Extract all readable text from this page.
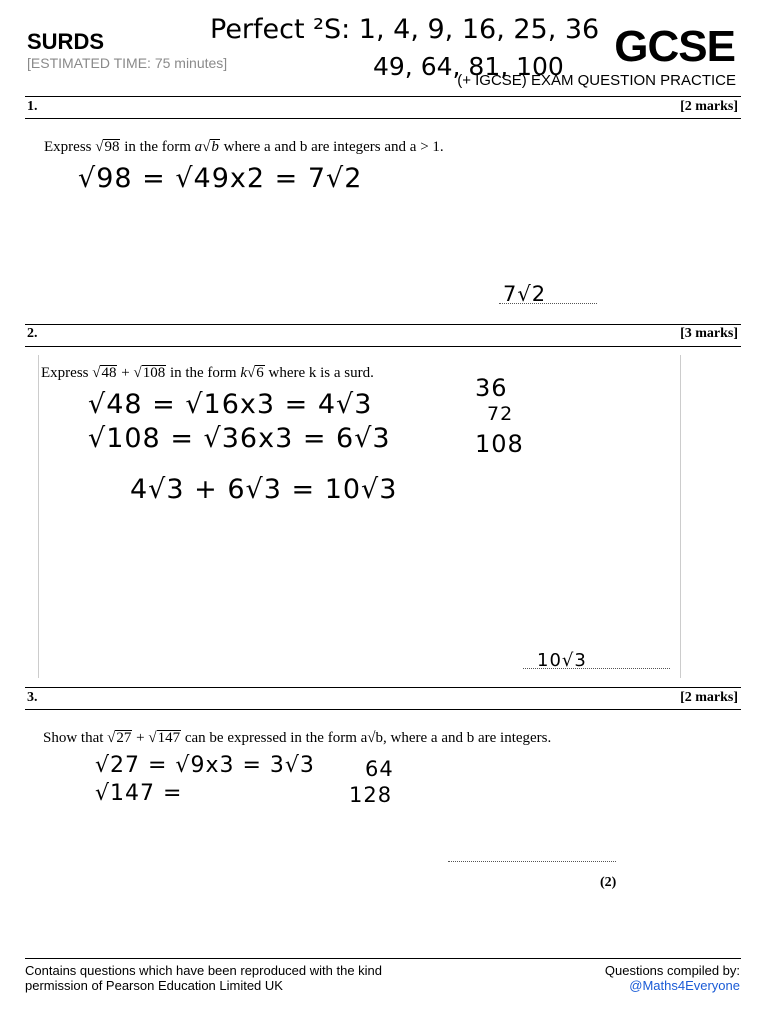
SURDS
[ESTIMATED TIME: 75 minutes]	GCSE
(+ IGCSE) EXAM QUESTION PRACTICE
Perfect ²S: 1, 4, 9, 16, 25, 36
49, 64, 81, 100
1.	[2 marks]
Express √98 in the form a√b where a and b are integers and a > 1.
√98 = √49x2 = 7√2
7√2
2.	[3 marks]
Express √48 + √108 in the form k√6 where k is a surd.
√48 = √16x3 = 4√3
√108 = √36x3 = 6√3
4√3 + 6√3 = 10√3
36
72
108
10√3
3.	[2 marks]
Show that √27 + √147 can be expressed in the form a√b, where a and b are integers.
√27 = √9x3 = 3√3
√147 =
64
128
(2)
Contains questions which have been reproduced with the kind
permission of Pearson Education Limited UK
Questions compiled by:
@Maths4Everyone
